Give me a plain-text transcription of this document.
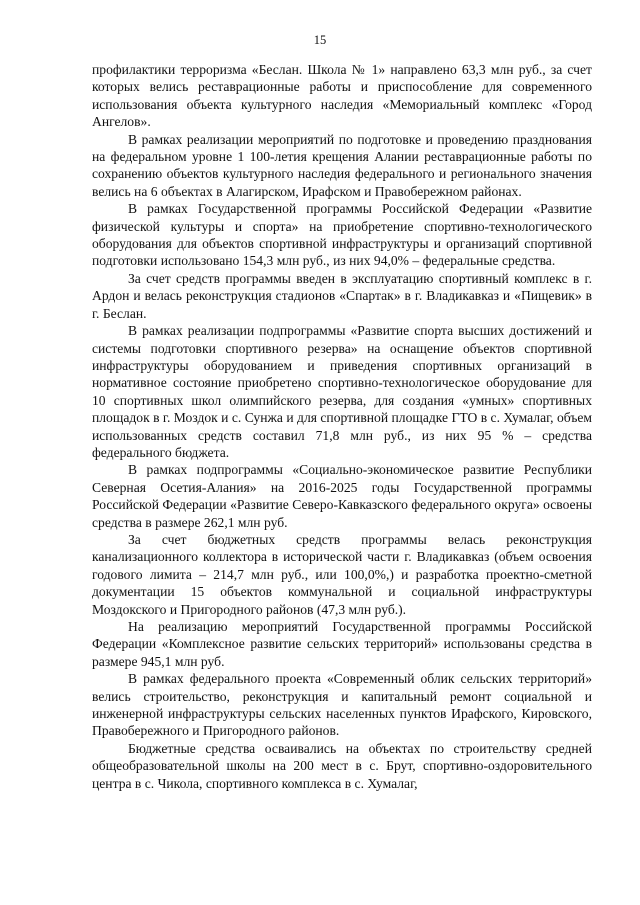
15

профилактики терроризма «Беслан. Школа № 1» направлено 63,3 млн руб., за счет которых велись реставрационные работы и приспособление для современного использования объекта культурного наследия «Мемориальный комплекс «Город Ангелов».

В рамках реализации мероприятий по подготовке и проведению празднования на федеральном уровне 1 100-летия крещения Алании реставрационные работы по сохранению объектов культурного наследия федерального и регионального значения велись на 6 объектах в Алагирском, Ирафском и Правобережном районах.

В рамках Государственной программы Российской Федерации «Развитие физической культуры и спорта» на приобретение спортивно-технологического оборудования для объектов спортивной инфраструктуры и организаций спортивной подготовки использовано 154,3 млн руб., из них 94,0% – федеральные средства.

За счет средств программы введен в эксплуатацию спортивный комплекс в г. Ардон и велась реконструкция стадионов «Спартак» в г. Владикавказ и «Пищевик» в г. Беслан.

В рамках реализации подпрограммы «Развитие спорта высших достижений и системы подготовки спортивного резерва» на оснащение объектов спортивной инфраструктуры оборудованием и приведения спортивных организаций в нормативное состояние приобретено спортивно-технологическое оборудование для 10 спортивных школ олимпийского резерва, для создания «умных» спортивных площадок в г. Моздок и с. Сунжа и для спортивной площадке ГТО в с. Хумалаг, объем использованных средств составил 71,8 млн руб., из них 95 % – средства федерального бюджета.

В рамках подпрограммы «Социально-экономическое развитие Республики Северная Осетия-Алания» на 2016-2025 годы Государственной программы Российской Федерации «Развитие Северо-Кавказского федерального округа» освоены средства в размере 262,1 млн руб.

За счет бюджетных средств программы велась реконструкция канализационного коллектора в исторической части г. Владикавказ (объем освоения годового лимита – 214,7 млн руб., или 100,0%,) и разработка проектно-сметной документации 15 объектов коммунальной и социальной инфраструктуры Моздокского и Пригородного районов (47,3 млн руб.).

На реализацию мероприятий Государственной программы Российской Федерации «Комплексное развитие сельских территорий» использованы средства в размере 945,1 млн руб.

В рамках федерального проекта «Современный облик сельских территорий» велись строительство, реконструкция и капитальный ремонт социальной и инженерной инфраструктуры сельских населенных пунктов Ирафского, Кировского, Правобережного и Пригородного районов.

Бюджетные средства осваивались на объектах по строительству средней общеобразовательной школы на 200 мест в с. Брут, спортивно-оздоровительного центра в с. Чикола, спортивного комплекса в с. Хумалаг,
